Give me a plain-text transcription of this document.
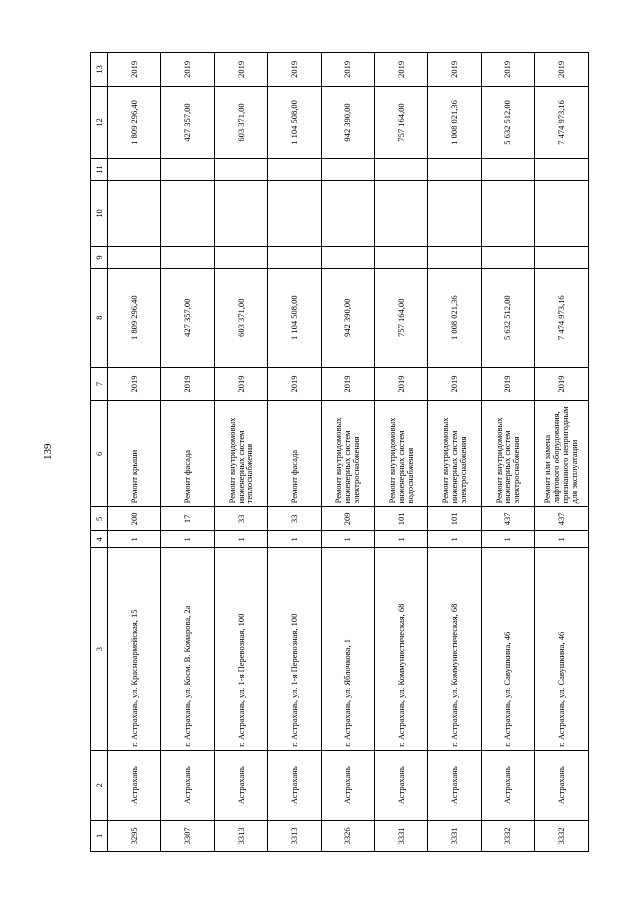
139
1	2	3	4	5	6	7	8	9	10	11	12	13
3295	Астрахань	г. Астрахань, ул. Красноармейская, 15	1	200	Ремонт крыши	2019	1 809 296,40				1 809 296,40	2019
3307	Астрахань	г. Астрахань, ул. Косм. В. Комарова, 2а	1	17	Ремонт фасада	2019	427 357,00				427 357,00	2019
3313	Астрахань	г. Астрахань, ул. 1-я Перевозная, 100	1	33	Ремонт внутридомовых инженерных систем теплоснабжения	2019	603 371,00				603 371,00	2019
3313	Астрахань	г. Астрахань, ул. 1-я Перевозная, 100	1	33	Ремонт фасада	2019	1 104 508,00				1 104 508,00	2019
3326	Астрахань	г. Астрахань, ул. Яблочкова, 1	1	209	Ремонт внутридомовых инженерных систем электроснабжения	2019	942 390,00				942 390,00	2019
3331	Астрахань	г. Астрахань, ул. Коммунистическая, 68	1	101	Ремонт внутридомовых инженерных систем водоснабжения	2019	757 164,00				757 164,00	2019
3331	Астрахань	г. Астрахань, ул. Коммунистическая, 68	1	101	Ремонт внутридомовых инженерных систем электроснабжения	2019	1 008 021,36				1 008 021,36	2019
3332	Астрахань	г. Астрахань, ул. Савушкина, 46	1	437	Ремонт внутридомовых инженерных систем электроснабжения	2019	5 632 512,00				5 632 512,00	2019
3332	Астрахань	г. Астрахань, ул. Савушкина, 46	1	437	Ремонт или замена лифтового оборудования, признанного непригодным для эксплуатации	2019	7 474 973,16				7 474 973,16	2019
